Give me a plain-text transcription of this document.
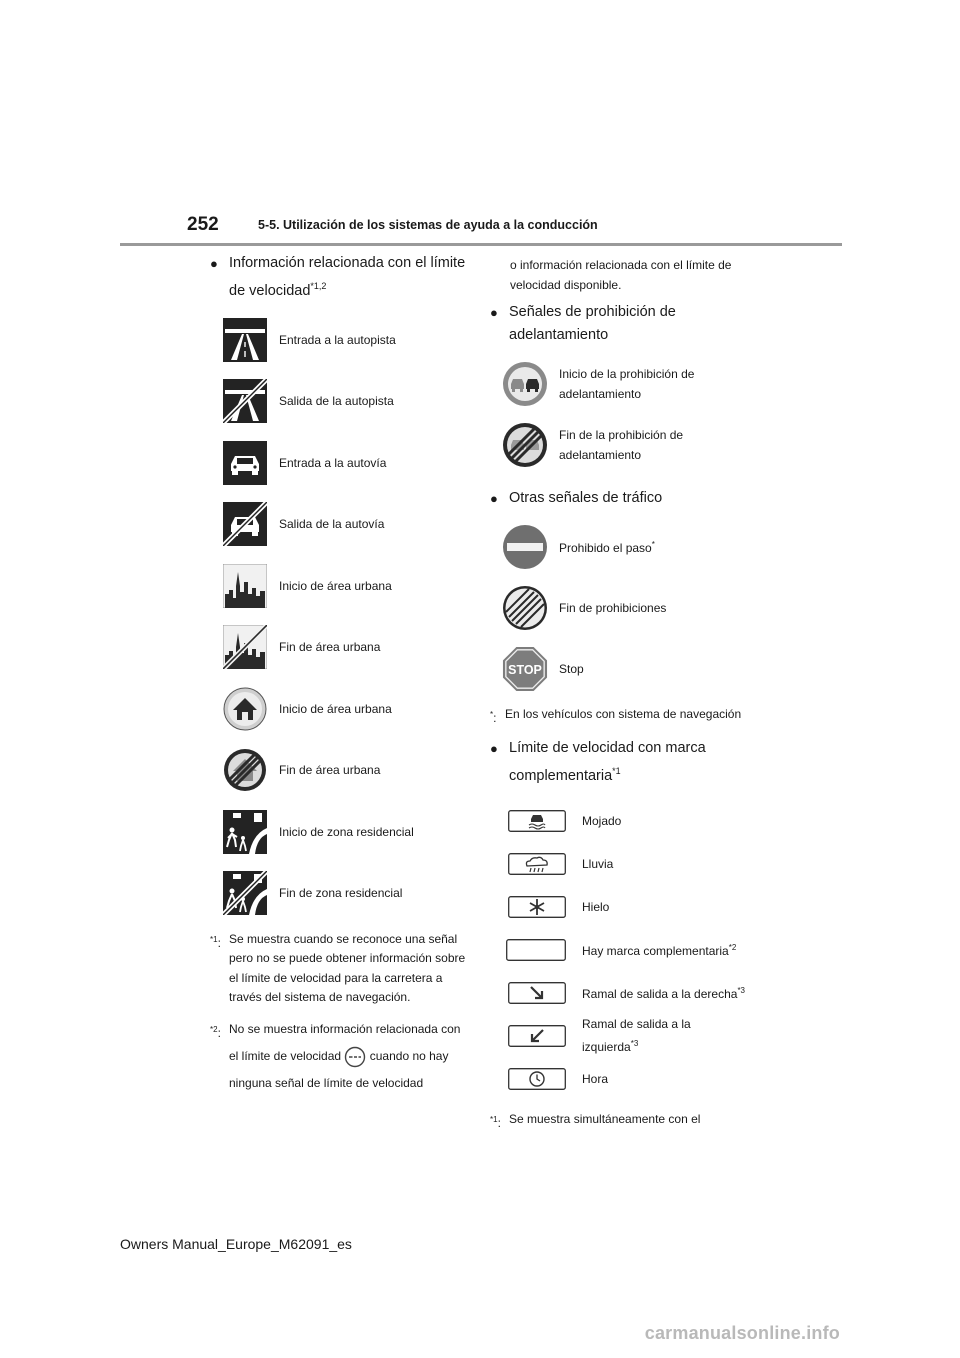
252	5-5. Utilización de los sistemas de ayuda a la conducción
● Información relacionada con el límite de velocidad$^{*1,2}$
Entrada a la autopista
Salida de la autopista
Entrada a la autovía
Salida de la autovía
Inicio de área urbana
Fin de área urbana
Inicio de área urbana
Fin de área urbana
Inicio de zona residencial
Fin de zona residencial
$^{*1}$: Se muestra cuando se reconoce una señal pero no se puede obtener información sobre el límite de velocidad para la carretera a través del sistema de navegación.
$^{*2}$: No se muestra información relacionada con el límite de velocidad cuando no hay ninguna señal de límite de velocidad
o información relacionada con el límite de velocidad disponible.
● Señales de prohibición de adelantamiento
Inicio de la prohibición de adelantamiento
Fin de la prohibición de adelantamiento
● Otras señales de tráfico
Prohibido el paso*
Fin de prohibiciones
STOP Stop
*: En los vehículos con sistema de navegación
● Límite de velocidad con marca complementaria$^{*1}$
Mojado
Lluvia
Hielo
Hay marca complementaria$^{*2}$
Ramal de salida a la derecha$^{*3}$
Ramal de salida a la izquierda$^{*3}$
Hora
$^{*1}$: Se muestra simultáneamente con el
Owners Manual_Europe_M62091_es
carmanualsonline.info
